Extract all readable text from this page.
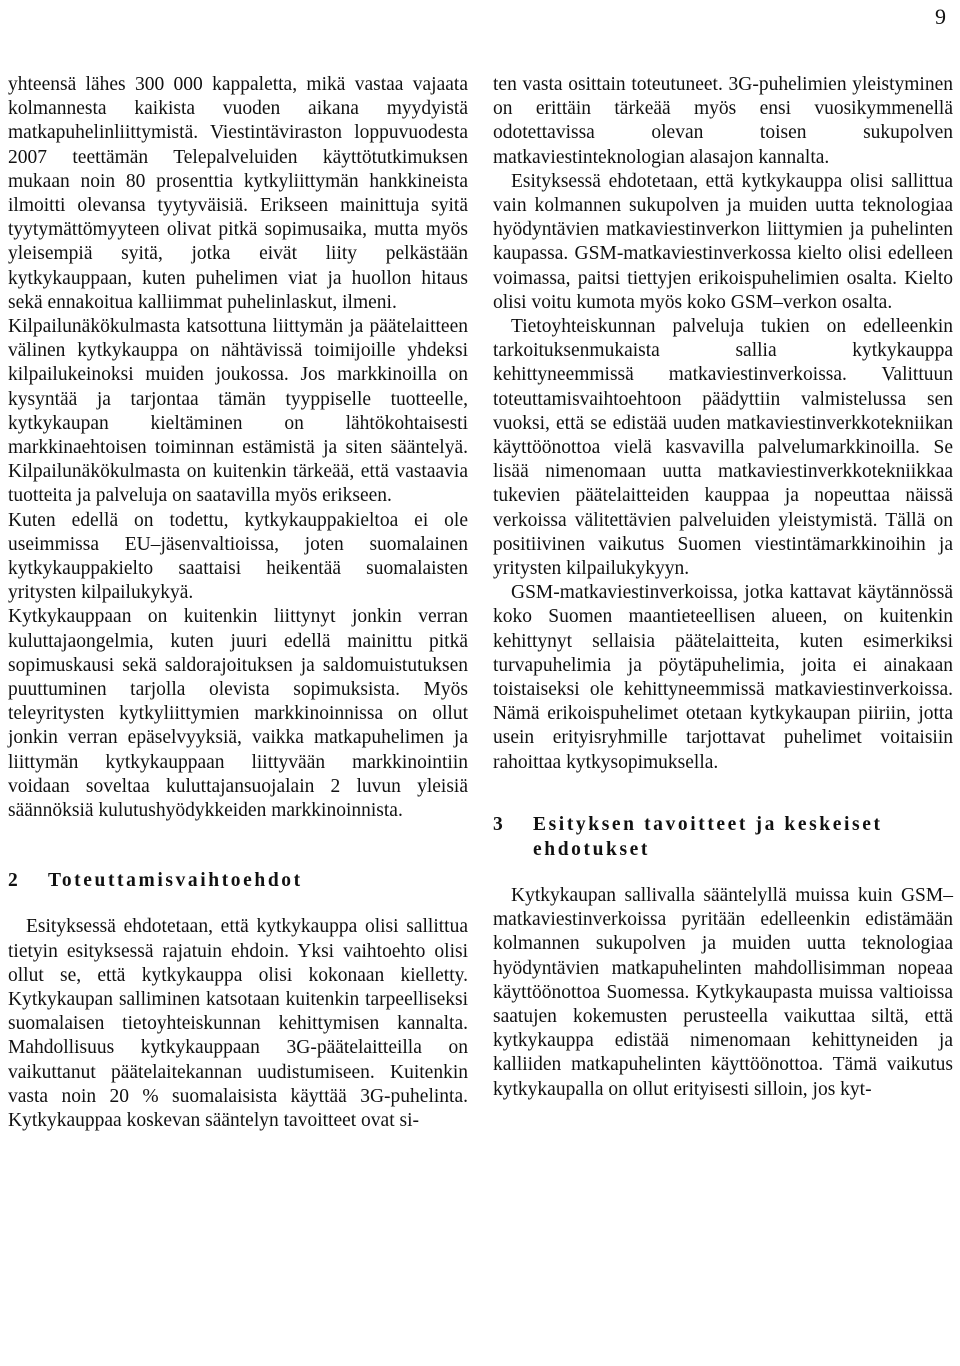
9

yhteensä lähes 300 000 kappaletta, mikä vastaa vajaata kolmannesta kaikista vuoden aikana myydyistä matkapuhelinliittymistä. Viestintäviraston loppuvuodesta 2007 teettämän Telepalveluiden käyttötutkimuksen mukaan noin 80 prosenttia kytkyliittymän hankkineista ilmoitti olevansa tyytyväisiä. Erikseen mainittuja syitä tyytymättömyyteen olivat pitkä sopimusaika, mutta myös yleisempiä syitä, jotka eivät liity pelkästään kytkykauppaan, kuten puhelimen viat ja huollon hitaus sekä ennakoitua kalliimmat puhelinlaskut, ilmeni.

Kilpailunäkökulmasta katsottuna liittymän ja päätelaitteen välinen kytkykauppa on nähtävissä toimijoille yhdeksi kilpailukeinoksi muiden joukossa. Jos markkinoilla on kysyntää ja tarjontaa tämän tyyppiselle tuotteelle, kytkykaupan kieltäminen on lähtökohtaisesti markkinaehtoisen toiminnan estämistä ja siten sääntelyä. Kilpailunäkökulmasta on kuitenkin tärkeää, että vastaavia tuotteita ja palveluja on saatavilla myös erikseen.

Kuten edellä on todettu, kytkykauppakieltoa ei ole useimmissa EU–jäsenvaltioissa, joten suomalainen kytkykauppakielto saattaisi heikentää suomalaisten yritysten kilpailukykyä.

Kytkykauppaan on kuitenkin liittynyt jonkin verran kuluttajaongelmia, kuten juuri edellä mainittu pitkä sopimuskausi sekä saldorajoituksen ja saldomuistutuksen puuttuminen tarjolla olevista sopimuksista. Myös teleyritysten kytkyliittymien markkinoinnissa on ollut jonkin verran epäselvyyksiä, vaikka matkapuhelimen ja liittymän kytkykauppaan liittyvään markkinointiin voidaan soveltaa kuluttajansuojalain 2 luvun yleisiä säännöksiä kulutushyödykkeiden markkinoinnista.

2	Toteuttamisvaihtoehdot

Esityksessä ehdotetaan, että kytkykauppa olisi sallittua tietyin esityksessä rajatuin ehdoin. Yksi vaihtoehto olisi ollut se, että kytkykauppa olisi kokonaan kielletty. Kytkykaupan salliminen katsotaan kuitenkin tarpeelliseksi suomalaisen tietoyhteiskunnan kehittymisen kannalta. Mahdollisuus kytkykauppaan 3G-päätelaitteilla on vaikuttanut päätelaitekannan uudistumiseen. Kuitenkin vasta noin 20 % suomalaisista käyttää 3G-puhelinta. Kytkykauppaa koskevan sääntelyn tavoitteet ovat si-

ten vasta osittain toteutuneet. 3G-puhelimien yleistyminen on erittäin tärkeää myös ensi vuosikymmenellä odotettavissa olevan toisen sukupolven matkaviestinteknologian alasajon kannalta.

Esityksessä ehdotetaan, että kytkykauppa olisi sallittua vain kolmannen sukupolven ja muiden uutta teknologiaa hyödyntävien matkaviestinverkon liittymien ja puhelinten kaupassa. GSM-matkaviestinverkossa kielto olisi edelleen voimassa, paitsi tiettyjen erikoispuhelimien osalta. Kielto olisi voitu kumota myös koko GSM–verkon osalta.

Tietoyhteiskunnan palveluja tukien on edelleenkin tarkoituksenmukaista sallia kytkykauppa kehittyneemmissä matkaviestinverkoissa. Valittuun toteuttamisvaihtoehtoon päädyttiin valmistelussa sen vuoksi, että se edistää uuden matkaviestinverkkotekniikan käyttöönottoa vielä kasvavilla palvelumarkkinoilla. Se lisää nimenomaan uutta matkaviestinverkkotekniikkaa tukevien päätelaitteiden kauppaa ja nopeuttaa näissä verkoissa välitettävien palveluiden yleistymistä. Tällä on positiivinen vaikutus Suomen viestintämarkkinoihin ja yritysten kilpailukykyyn.

GSM-matkaviestinverkoissa, jotka kattavat käytännössä koko Suomen maantieteellisen alueen, on kuitenkin kehittynyt sellaisia päätelaitteita, kuten esimerkiksi turvapuhelimia ja pöytäpuhelimia, joita ei ainakaan toistaiseksi ole kehittyneemmissä matkaviestinverkoissa. Nämä erikoispuhelimet otetaan kytkykaupan piiriin, jotta usein erityisryhmille tarjottavat puhelimet voitaisiin rahoittaa kytkysopimuksella.

3	Esityksen tavoitteet ja keskeiset ehdotukset

Kytkykaupan sallivalla sääntelyllä muissa kuin GSM–matkaviestinverkoissa pyritään edelleenkin edistämään kolmannen sukupolven ja muiden uutta teknologiaa hyödyntävien matkapuhelinten mahdollisimman nopeaa käyttöönottoa Suomessa. Kytkykaupasta muissa valtioissa saatujen kokemusten perusteella vaikuttaa siltä, että kytkykauppa edistää nimenomaan kehittyneiden ja kalliiden matkapuhelinten käyttöönottoa. Tämä vaikutus kytkykaupalla on ollut erityisesti silloin, jos kyt-
